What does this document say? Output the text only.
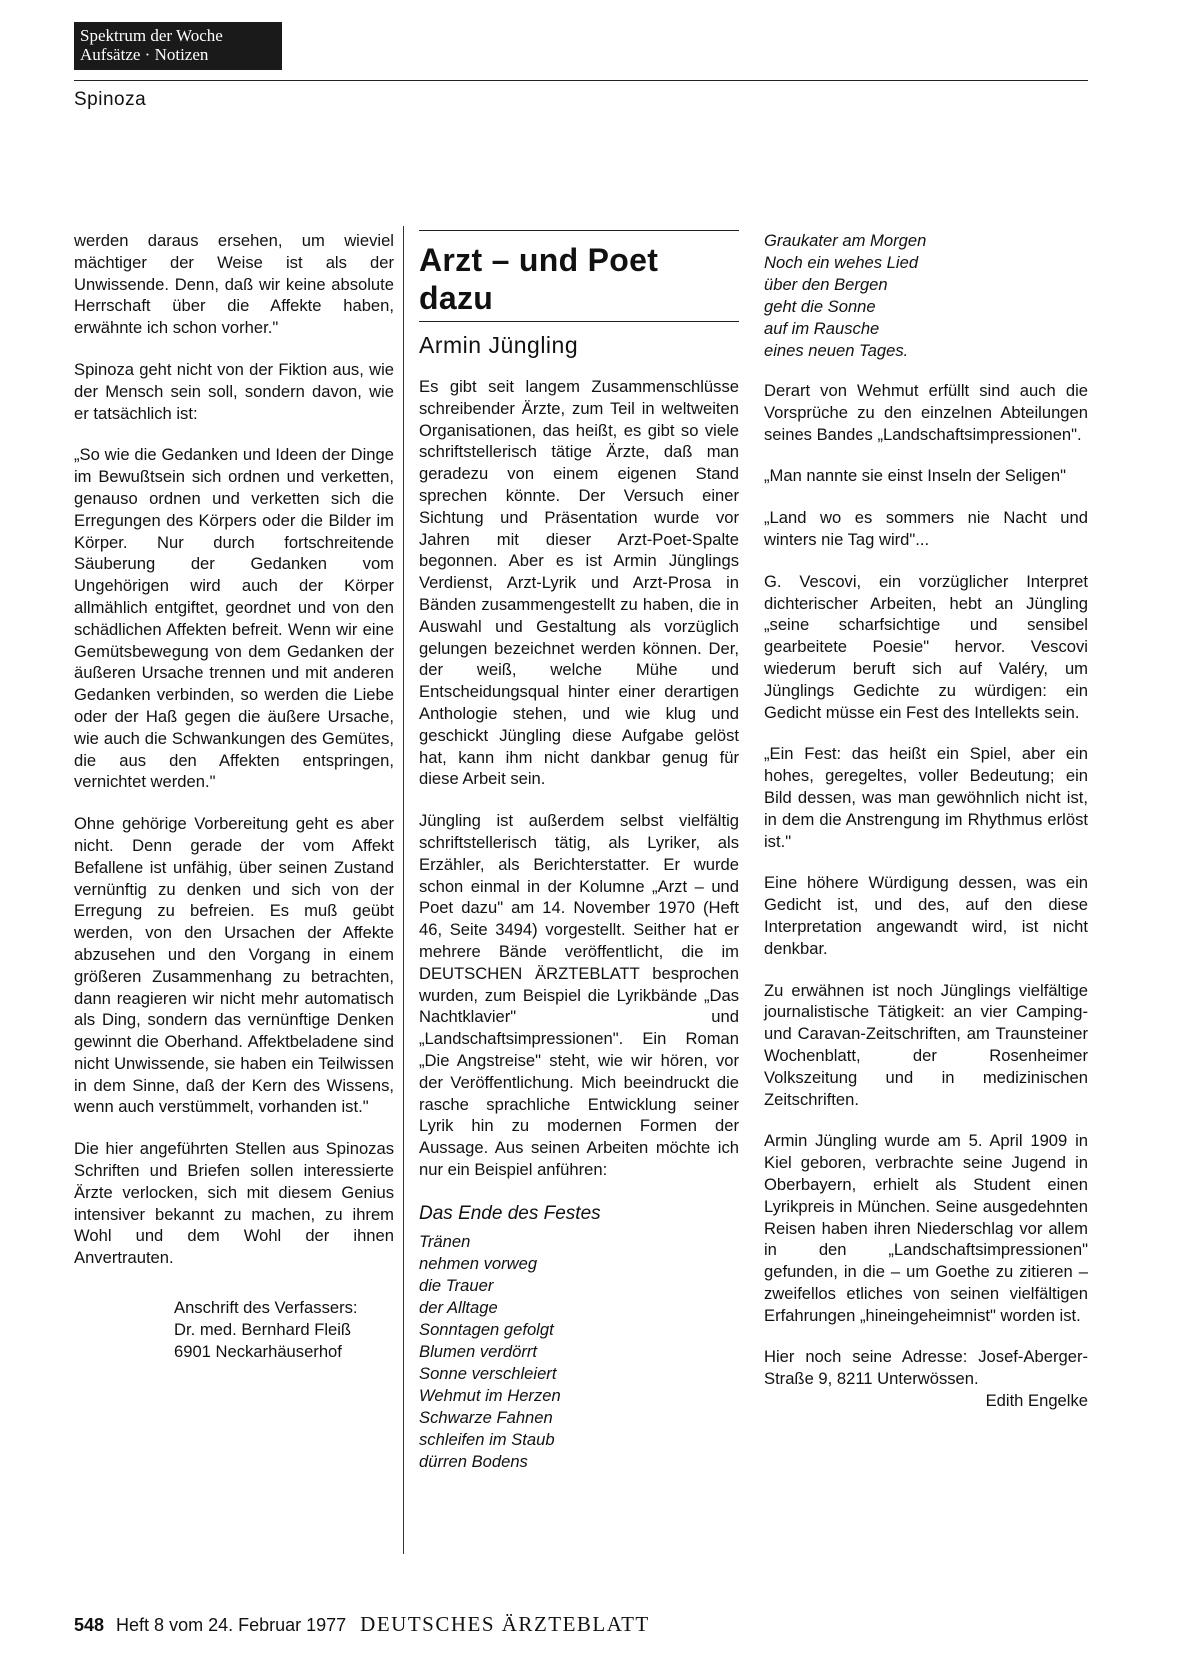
Spektrum der Woche
Aufsätze · Notizen
Spinoza

werden daraus ersehen, um wieviel mächtiger der Weise ist als der Unwissende. Denn, daß wir keine absolute Herrschaft über die Affekte haben, erwähnte ich schon vorher."

Spinoza geht nicht von der Fiktion aus, wie der Mensch sein soll, sondern davon, wie er tatsächlich ist:

„So wie die Gedanken und Ideen der Dinge im Bewußtsein sich ordnen und verketten, genauso ordnen und verketten sich die Erregungen des Körpers oder die Bilder im Körper. Nur durch fortschreitende Säuberung der Gedanken vom Ungehörigen wird auch der Körper allmählich entgiftet, geordnet und von den schädlichen Affekten befreit. Wenn wir eine Gemütsbewegung von dem Gedanken der äußeren Ursache trennen und mit anderen Gedanken verbinden, so werden die Liebe oder der Haß gegen die äußere Ursache, wie auch die Schwankungen des Gemütes, die aus den Affekten entspringen, vernichtet werden."

Ohne gehörige Vorbereitung geht es aber nicht. Denn gerade der vom Affekt Befallene ist unfähig, über seinen Zustand vernünftig zu denken und sich von der Erregung zu befreien. Es muß geübt werden, von den Ursachen der Affekte abzusehen und den Vorgang in einem größeren Zusammenhang zu betrachten, dann reagieren wir nicht mehr automatisch als Ding, sondern das vernünftige Denken gewinnt die Oberhand. Affektbeladene sind nicht Unwissende, sie haben ein Teilwissen in dem Sinne, daß der Kern des Wissens, wenn auch verstümmelt, vorhanden ist."

Die hier angeführten Stellen aus Spinozas Schriften und Briefen sollen interessierte Ärzte verlocken, sich mit diesem Genius intensiver bekannt zu machen, zu ihrem Wohl und dem Wohl der ihnen Anvertrauten.

Anschrift des Verfassers:
Dr. med. Bernhard Fleiß
6901 Neckarhäuserhof
Arzt – und Poet dazu
Armin Jüngling

Es gibt seit langem Zusammenschlüsse schreibender Ärzte, zum Teil in weltweiten Organisationen, das heißt, es gibt so viele schriftstellerisch tätige Ärzte, daß man geradezu von einem eigenen Stand sprechen könnte. Der Versuch einer Sichtung und Präsentation wurde vor Jahren mit dieser Arzt-Poet-Spalte begonnen. Aber es ist Armin Jünglings Verdienst, Arzt-Lyrik und Arzt-Prosa in Bänden zusammengestellt zu haben, die in Auswahl und Gestaltung als vorzüglich gelungen bezeichnet werden können. Der, der weiß, welche Mühe und Entscheidungsqual hinter einer derartigen Anthologie stehen, und wie klug und geschickt Jüngling diese Aufgabe gelöst hat, kann ihm nicht dankbar genug für diese Arbeit sein.

Jüngling ist außerdem selbst vielfältig schriftstellerisch tätig, als Lyriker, als Erzähler, als Berichterstatter. Er wurde schon einmal in der Kolumne „Arzt – und Poet dazu" am 14. November 1970 (Heft 46, Seite 3494) vorgestellt. Seither hat er mehrere Bände veröffentlicht, die im DEUTSCHEN ÄRZTEBLATT besprochen wurden, zum Beispiel die Lyrikbände „Das Nachtklavier" und „Landschaftsimpressionen". Ein Roman „Die Angstreise" steht, wie wir hören, vor der Veröffentlichung. Mich beeindruckt die rasche sprachliche Entwicklung seiner Lyrik hin zu modernen Formen der Aussage. Aus seinen Arbeiten möchte ich nur ein Beispiel anführen:

Das Ende des Festes
Tränen
nehmen vorweg
die Trauer
der Alltage
Sonntagen gefolgt
Blumen verdörrt
Sonne verschleiert
Wehmut im Herzen
Schwarze Fahnen
schleifen im Staub
dürren Bodens
Graukater am Morgen
Noch ein wehes Lied
über den Bergen
geht die Sonne
auf im Rausche
eines neuen Tages.

Derart von Wehmut erfüllt sind auch die Vorsprüche zu den einzelnen Abteilungen seines Bandes „Landschaftsimpressionen".

„Man nannte sie einst Inseln der Seligen"

„Land wo es sommers nie Nacht und winters nie Tag wird"...

G. Vescovi, ein vorzüglicher Interpret dichterischer Arbeiten, hebt an Jüngling „seine scharfsichtige und sensibel gearbeitete Poesie" hervor. Vescovi wiederum beruft sich auf Valéry, um Jünglings Gedichte zu würdigen: ein Gedicht müsse ein Fest des Intellekts sein.

„Ein Fest: das heißt ein Spiel, aber ein hohes, geregeltes, voller Bedeutung; ein Bild dessen, was man gewöhnlich nicht ist, in dem die Anstrengung im Rhythmus erlöst ist."

Eine höhere Würdigung dessen, was ein Gedicht ist, und des, auf den diese Interpretation angewandt wird, ist nicht denkbar.

Zu erwähnen ist noch Jünglings vielfältige journalistische Tätigkeit: an vier Camping- und Caravan-Zeitschriften, am Traunsteiner Wochenblatt, der Rosenheimer Volkszeitung und in medizinischen Zeitschriften.

Armin Jüngling wurde am 5. April 1909 in Kiel geboren, verbrachte seine Jugend in Oberbayern, erhielt als Student einen Lyrikpreis in München. Seine ausgedehnten Reisen haben ihren Niederschlag vor allem in den „Landschaftsimpressionen" gefunden, in die – um Goethe zu zitieren – zweifellos etliches von seinen vielfältigen Erfahrungen „hineingeheimnist" worden ist.

Hier noch seine Adresse: Josef-Aberger-Straße 9, 8211 Unterwössen.

Edith Engelke
548 Heft 8 vom 24. Februar 1977 DEUTSCHES ÄRZTEBLATT
